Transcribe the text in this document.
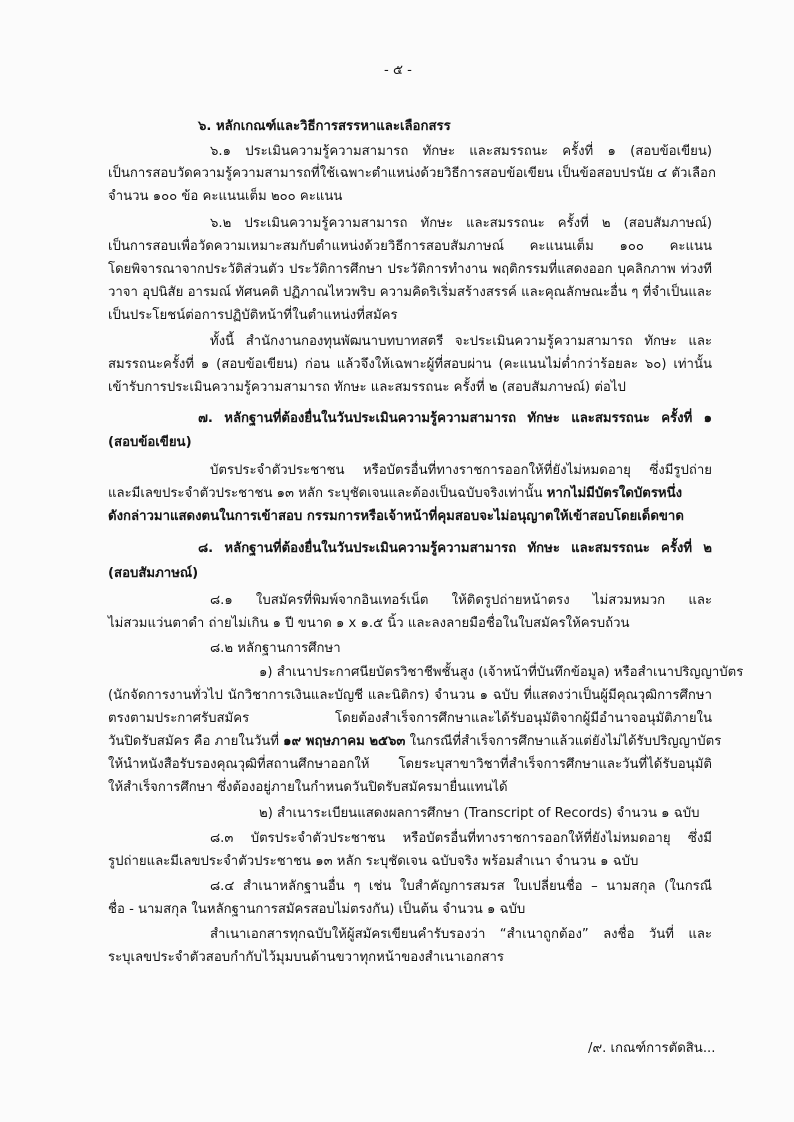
- ๕ -
๖. หลักเกณฑ์และวิธีการสรรหาและเลือกสรร
๖.๑ ประเมินความรู้ความสามารถ ทักษะ และสมรรถนะ ครั้งที่ ๑ (สอบข้อเขียน)
เป็นการสอบวัดความรู้ความสามารถที่ใช้เฉพาะตำแหน่งด้วยวิธีการสอบข้อเขียน เป็นข้อสอบปรนัย ๔ ตัวเลือก
จำนวน ๑๐๐ ข้อ คะแนนเต็ม ๒๐๐ คะแนน
๖.๒ ประเมินความรู้ความสามารถ ทักษะ และสมรรถนะ ครั้งที่ ๒ (สอบสัมภาษณ์)
เป็นการสอบเพื่อวัดความเหมาะสมกับตำแหน่งด้วยวิธีการสอบสัมภาษณ์ คะแนนเต็ม ๑๐๐ คะแนน
โดยพิจารณาจากประวัติส่วนตัว ประวัติการศึกษา ประวัติการทำงาน พฤติกรรมที่แสดงออก บุคลิกภาพ ท่วงที
วาจา อุปนิสัย อารมณ์ ทัศนคติ ปฏิภาณไหวพริบ ความคิดริเริ่มสร้างสรรค์ และคุณลักษณะอื่น ๆ ที่จำเป็นและ
เป็นประโยชน์ต่อการปฏิบัติหน้าที่ในตำแหน่งที่สมัคร
ทั้งนี้ สำนักงานกองทุนพัฒนาบทบาทสตรี จะประเมินความรู้ความสามารถ ทักษะ และ
สมรรถนะครั้งที่ ๑ (สอบข้อเขียน) ก่อน แล้วจึงให้เฉพาะผู้ที่สอบผ่าน (คะแนนไม่ต่ำกว่าร้อยละ ๖๐) เท่านั้น
เข้ารับการประเมินความรู้ความสามารถ ทักษะ และสมรรถนะ ครั้งที่ ๒ (สอบสัมภาษณ์) ต่อไป
๗. หลักฐานที่ต้องยื่นในวันประเมินความรู้ความสามารถ ทักษะ และสมรรถนะ ครั้งที่ ๑
(สอบข้อเขียน)
บัตรประจำตัวประชาชน หรือบัตรอื่นที่ทางราชการออกให้ที่ยังไม่หมดอายุ ซึ่งมีรูปถ่าย
และมีเลขประจำตัวประชาชน ๑๓ หลัก ระบุชัดเจนและต้องเป็นฉบับจริงเท่านั้น หากไม่มีบัตรใดบัตรหนึ่ง
ดังกล่าวมาแสดงตนในการเข้าสอบ กรรมการหรือเจ้าหน้าที่คุมสอบจะไม่อนุญาตให้เข้าสอบโดยเด็ดขาด
๘. หลักฐานที่ต้องยื่นในวันประเมินความรู้ความสามารถ ทักษะ และสมรรถนะ ครั้งที่ ๒
(สอบสัมภาษณ์)
๘.๑ ใบสมัครที่พิมพ์จากอินเทอร์เน็ต ให้ติดรูปถ่ายหน้าตรง ไม่สวมหมวก และ
ไม่สวมแว่นตาดำ ถ่ายไม่เกิน ๑ ปี ขนาด ๑ x ๑.๕ นิ้ว และลงลายมือชื่อในใบสมัครให้ครบถ้วน
๘.๒ หลักฐานการศึกษา
๑) สำเนาประกาศนียบัตรวิชาชีพชั้นสูง (เจ้าหน้าที่บันทึกข้อมูล) หรือสำเนาปริญญาบัตร
(นักจัดการงานทั่วไป นักวิชาการเงินและบัญชี และนิติกร) จำนวน ๑ ฉบับ ที่แสดงว่าเป็นผู้มีคุณวุฒิการศึกษา
ตรงตามประกาศรับสมัคร โดยต้องสำเร็จการศึกษาและได้รับอนุมัติจากผู้มีอำนาจอนุมัติภายใน
วันปิดรับสมัคร คือ ภายในวันที่ ๑๙ พฤษภาคม ๒๕๖๓ ในกรณีที่สำเร็จการศึกษาแล้วแต่ยังไม่ได้รับปริญญาบัตร
ให้นำหนังสือรับรองคุณวุฒิที่สถานศึกษาออกให้ โดยระบุสาขาวิชาที่สำเร็จการศึกษาและวันที่ได้รับอนุมัติ
ให้สำเร็จการศึกษา ซึ่งต้องอยู่ภายในกำหนดวันปิดรับสมัครมายื่นแทนได้
๒) สำเนาระเบียนแสดงผลการศึกษา (Transcript of Records) จำนวน ๑ ฉบับ
๘.๓ บัตรประจำตัวประชาชน หรือบัตรอื่นที่ทางราชการออกให้ที่ยังไม่หมดอายุ ซึ่งมี
รูปถ่ายและมีเลขประจำตัวประชาชน ๑๓ หลัก ระบุชัดเจน ฉบับจริง พร้อมสำเนา จำนวน ๑ ฉบับ
๘.๔ สำเนาหลักฐานอื่น ๆ เช่น ใบสำคัญการสมรส ใบเปลี่ยนชื่อ – นามสกุล (ในกรณี
ชื่อ - นามสกุล ในหลักฐานการสมัครสอบไม่ตรงกัน) เป็นต้น จำนวน ๑ ฉบับ
สำเนาเอกสารทุกฉบับให้ผู้สมัครเขียนคำรับรองว่า “สำเนาถูกต้อง” ลงชื่อ วันที่ และ
ระบุเลขประจำตัวสอบกำกับไว้มุมบนด้านขวาทุกหน้าของสำเนาเอกสาร
/๙. เกณฑ์การตัดสิน...
